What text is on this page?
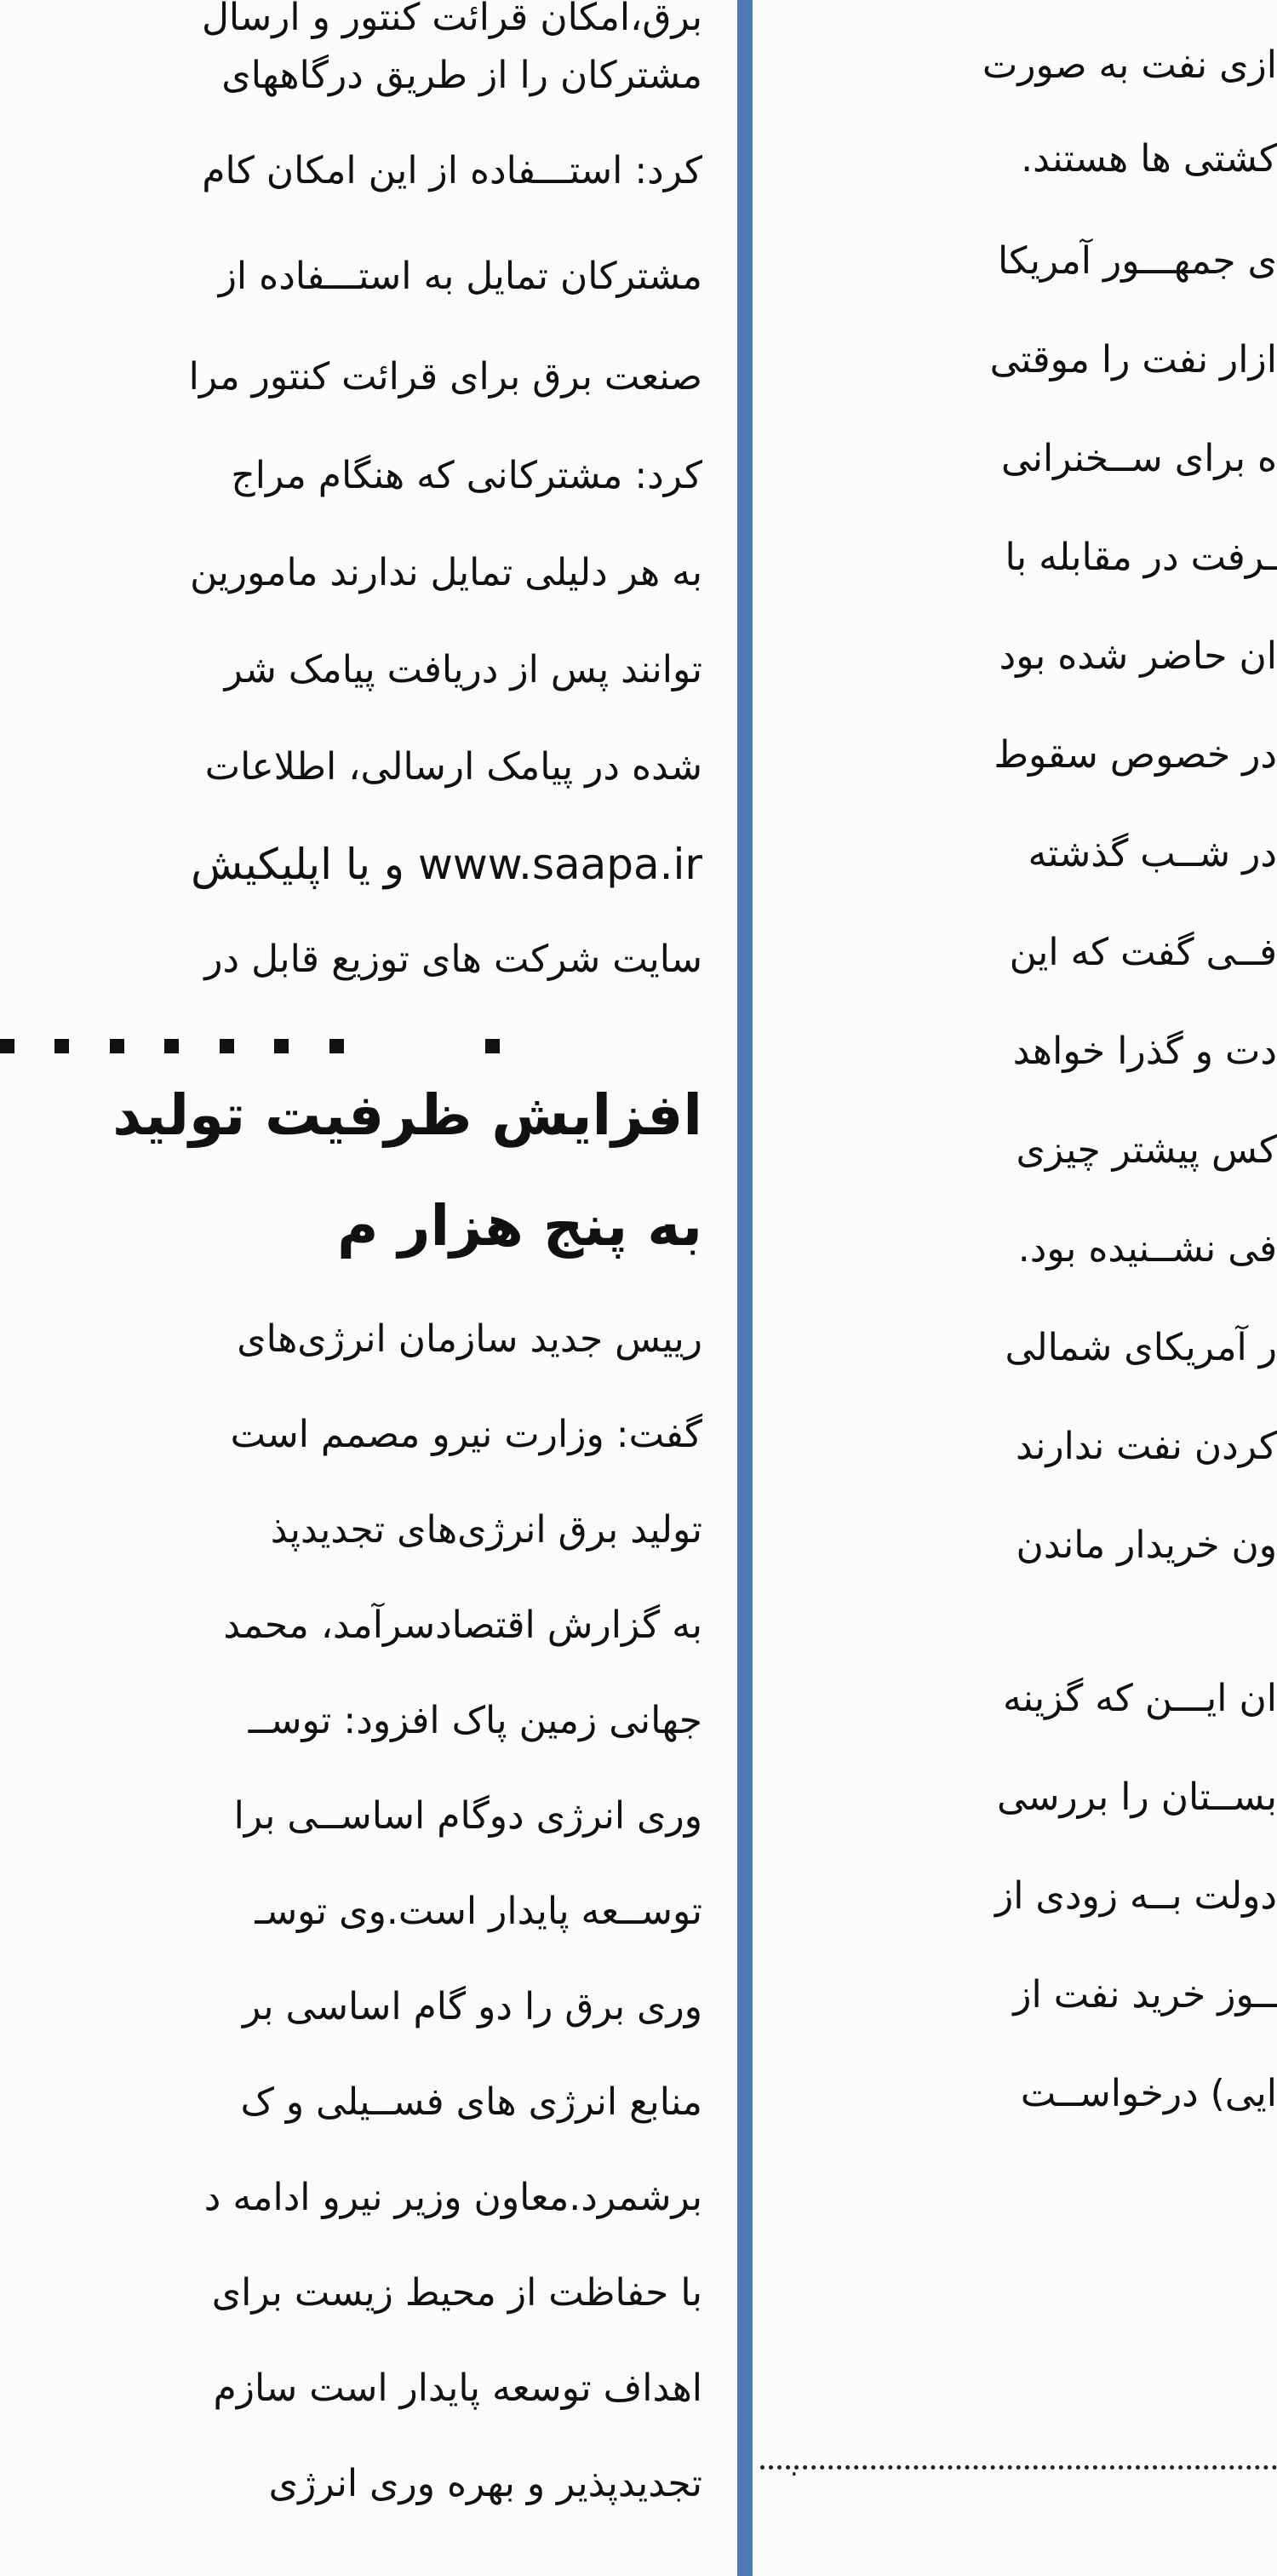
برق،امکان قرائت کنتور و ارسال
مشترکان را از طریق درگاههای
کرد: استـــفاده از این امکان کام
مشترکان تمایل به استـــفاده از
صنعت برق برای قرائت کنتور مرا
کرد: مشترکانی که هنگام مراج
به هر دلیلی تمایل ندارند مامورین
توانند پس از دریافت پیامک شر
شده در پیامک ارسالی، اطلاعات
www.saapa.ir و یا اپلیکیش
سایت شرکت های توزیع قابل در
افزایش ظرفیت تولید
به پنج هزار م
رییس جدید سازمان انرژی‌های
گفت: وزارت نیرو مصمم است
تولید برق انرژی‌های تجدیدپذ
به گزارش اقتصادسرآمد، محمد
جهانی زمین پاک افزود: توســ
وری انرژی دوگام اساســی برا
توســعه پایدار است.وی توسـ
وری برق را دو گام اساسی بر
منابع انرژی های فســیلی و ک
برشمرد.معاون وزیر نیرو ادامه د
با حفاظت از محیط زیست برای
اهداف توسعه پایدار است سازم
تجدیدپذیر و بهره وری انرژی
ازی نفت به صورت
کشتی ها هستند.
ی جمهـــور آمریکا
ازار نفت را موقتی
ه برای ســخنرانی
ـرفت در مقابله با
ان حاضر شده بود
در خصوص سقوط
در شــب گذشته
فــی گفت که این
دت و گذرا خواهد
کس پیشتر چیزی
فی نشــنیده بود.
ر آمریکای شمالی
کردن نفت ندارند
ون خریدار ماندن
ان ایـــن که گزینه
بســتان را بررسی
دولت بــه زودی از
ــوز خرید نفت از
ایی) درخواســت
.
